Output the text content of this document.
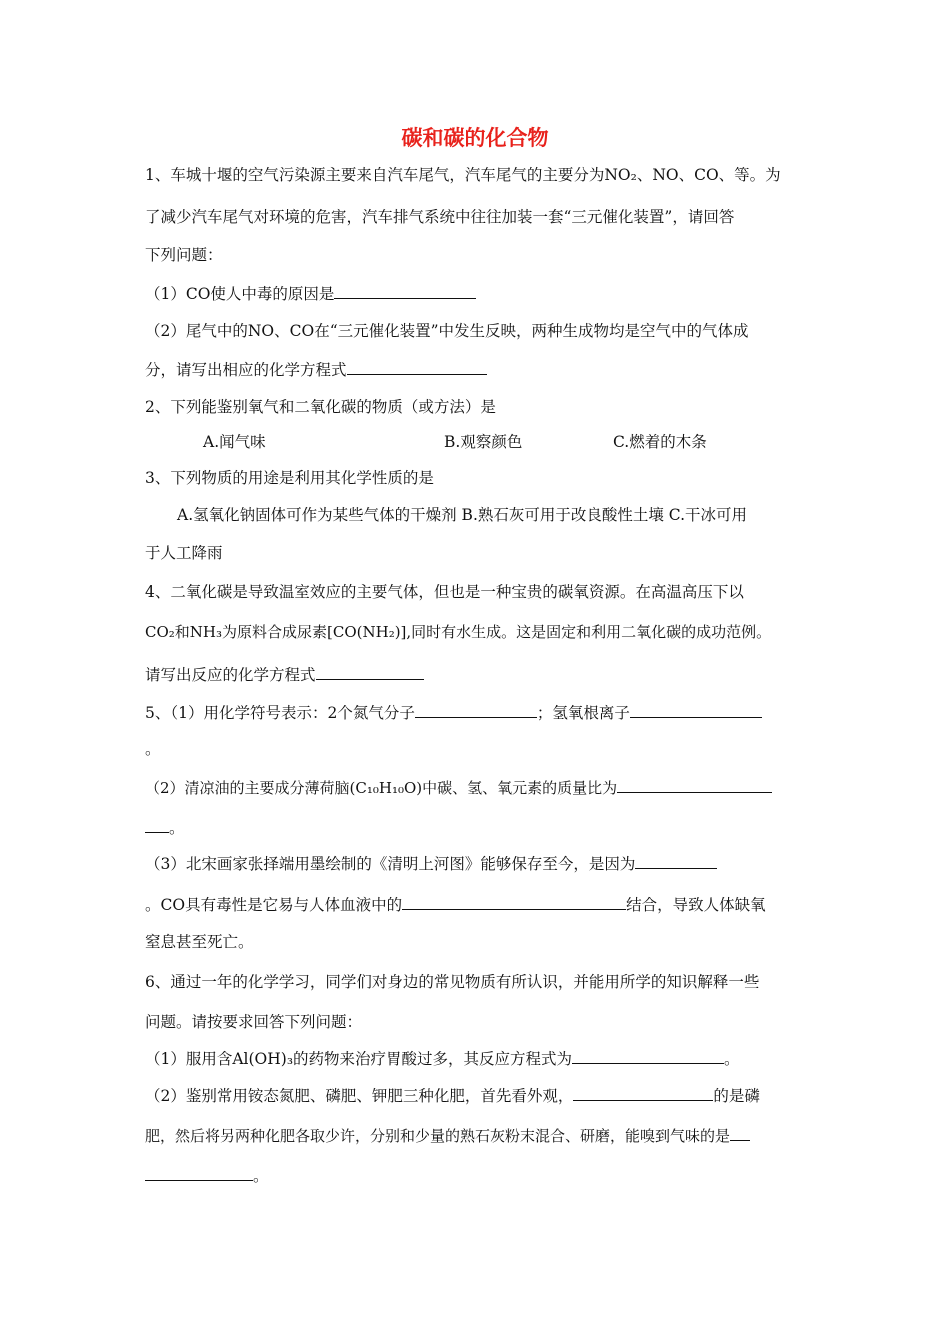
碳和碳的化合物
1、车城十堰的空气污染源主要来自汽车尾气，汽车尾气的主要分为NO₂、NO、CO、等。为
了减少汽车尾气对环境的危害，汽车排气系统中往往加装一套“三元催化装置”，请回答
下列问题：
（1）CO使人中毒的原因是
（2）尾气中的NO、CO在“三元催化装置”中发生反映，两种生成物均是空气中的气体成
分，请写出相应的化学方程式
2、下列能鉴别氧气和二氧化碳的物质（或方法）是
A.闻气味	B.观察颜色	C.燃着的木条
3、下列物质的用途是利用其化学性质的是
A.氢氧化钠固体可作为某些气体的干燥剂 B.熟石灰可用于改良酸性土壤 C.干冰可用
于人工降雨
4、二氧化碳是导致温室效应的主要气体，但也是一种宝贵的碳氧资源。在高温高压下以
CO₂和NH₃为原料合成尿素[CO(NH₂)],同时有水生成。这是固定和利用二氧化碳的成功范例。
请写出反应的化学方程式
5、（1）用化学符号表示：2个氮气分子	；氢氧根离子
。
（2）清凉油的主要成分薄荷脑(C₁₀H₁₀O)中碳、氢、氧元素的质量比为
。
（3）北宋画家张择端用墨绘制的《清明上河图》能够保存至今，是因为
。CO具有毒性是它易与人体血液中的	结合，导致人体缺氧
窒息甚至死亡。
6、通过一年的化学学习，同学们对身边的常见物质有所认识，并能用所学的知识解释一些
问题。请按要求回答下列问题：
（1）服用含Al(OH)₃的药物来治疗胃酸过多，其反应方程式为	。
（2）鉴别常用铵态氮肥、磷肥、钾肥三种化肥，首先看外观，	的是磷
肥，然后将另两种化肥各取少许，分别和少量的熟石灰粉末混合、研磨，能嗅到气味的是
。
